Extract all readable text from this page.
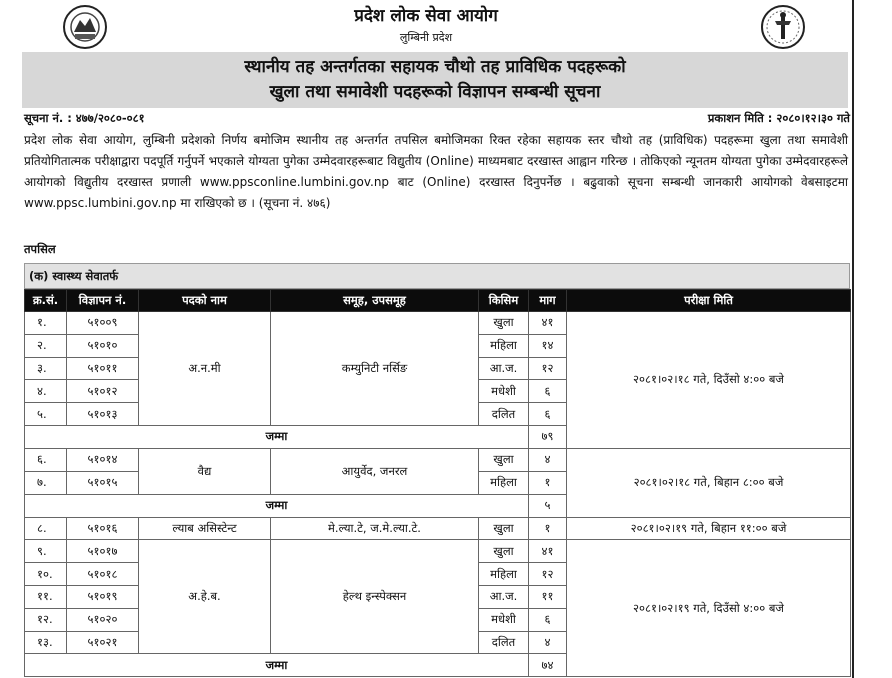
प्रदेश लोक सेवा आयोग
लुम्बिनी प्रदेश
स्थानीय तह अन्तर्गतका सहायक चौथो तह प्राविधिक पदहरूको
खुला तथा समावेशी पदहरूको विज्ञापन सम्बन्धी सूचना
सूचना नं. : ४७७/२०८०-०८१	प्रकाशन मिति : २०८०।१२।३० गते
प्रदेश लोक सेवा आयोग, लुम्बिनी प्रदेशको निर्णय बमोजिम स्थानीय तह अन्तर्गत तपसिल बमोजिमका रिक्त रहेका सहायक स्तर चौथो तह (प्राविधिक) पदहरूमा खुला तथा समावेशी प्रतियोगितात्मक परीक्षाद्वारा पदपूर्ति गर्नुपर्ने भएकाले योग्यता पुगेका उम्मेदवारहरूबाट विद्युतीय (Online) माध्यमबाट दरखास्त आह्वान गरिन्छ । तोकिएको न्यूनतम योग्यता पुगेका उम्मेदवारहरूले आयोगको विद्युतीय दरखास्त प्रणाली www.ppsconline.lumbini.gov.np बाट (Online) दरखास्त दिनुपर्नेछ । बढुवाको सूचना सम्बन्धी जानकारी आयोगको वेबसाइटमा www.ppsc.lumbini.gov.np मा राखिएको छ । (सूचना नं. ४७६)
तपसिल
(क) स्वास्थ्य सेवातर्फ
क्र.सं.	विज्ञापन नं.	पदको नाम	समूह, उपसमूह	किसिम	माग	परीक्षा मिति
१.	५१००९	अ.न.मी	कम्युनिटी नर्सिङ	खुला	४१	२०८१।०२।१८ गते, दिउँसो ४:०० बजे
२.	५१०१०			महिला	१४	
३.	५१०११			आ.ज.	१२	
४.	५१०१२			मधेशी	६	
५.	५१०१३			दलित	६	
जम्मा					७९	
६.	५१०१४	वैद्य	आयुर्वेद, जनरल	खुला	४	२०८१।०२।१८ गते, बिहान ८:०० बजे
७.	५१०१५			महिला	१	
जम्मा					५	
८.	५१०१६	ल्याब असिस्टेन्ट	मे.ल्या.टे, ज.मे.ल्या.टे.	खुला	१	२०८१।०२।१९ गते, बिहान ११:०० बजे
९.	५१०१७	अ.हे.ब.	हेल्थ इन्स्पेक्सन	खुला	४१	२०८१।०२।१९ गते, दिउँसो ४:०० बजे
१०.	५१०१८			महिला	१२	
११.	५१०१९			आ.ज.	११	
१२.	५१०२०			मधेशी	६	
१३.	५१०२१			दलित	४	
जम्मा					७४	
